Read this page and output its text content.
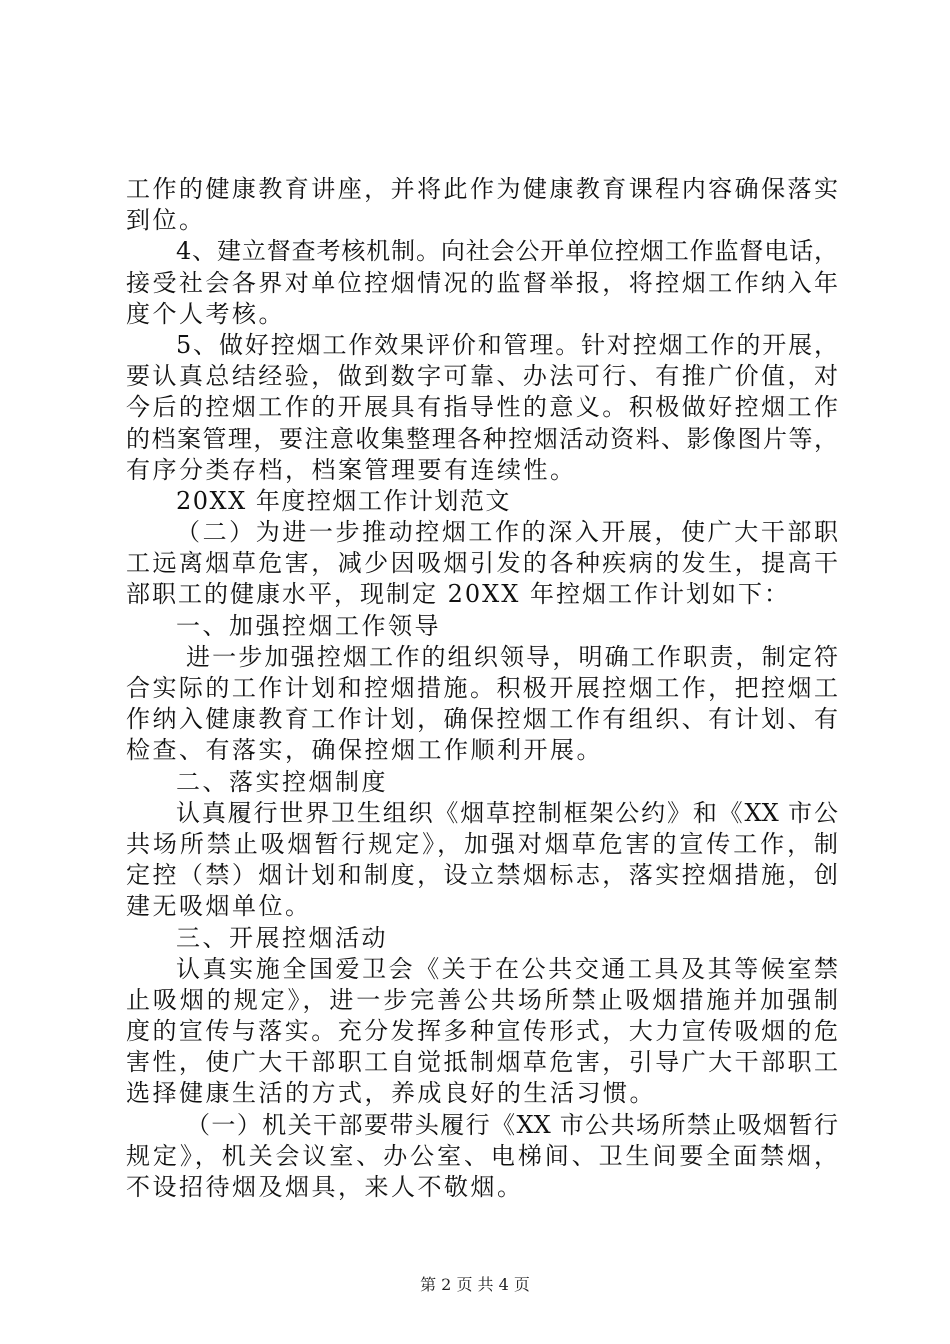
工作的健康教育讲座，并将此作为健康教育课程内容确保落实
到位。
4、建立督查考核机制。向社会公开单位控烟工作监督电话，
接受社会各界对单位控烟情况的监督举报，将控烟工作纳入年
度个人考核。
5、做好控烟工作效果评价和管理。针对控烟工作的开展，
要认真总结经验，做到数字可靠、办法可行、有推广价值，对
今后的控烟工作的开展具有指导性的意义。积极做好控烟工作
的档案管理，要注意收集整理各种控烟活动资料、影像图片等，
有序分类存档，档案管理要有连续性。
20XX 年度控烟工作计划范文
（二）为进一步推动控烟工作的深入开展，使广大干部职
工远离烟草危害，减少因吸烟引发的各种疾病的发生，提高干
部职工的健康水平，现制定 20XX 年控烟工作计划如下：
一、加强控烟工作领导
进一步加强控烟工作的组织领导，明确工作职责，制定符
合实际的工作计划和控烟措施。积极开展控烟工作，把控烟工
作纳入健康教育工作计划，确保控烟工作有组织、有计划、有
检查、有落实，确保控烟工作顺利开展。
二、落实控烟制度
认真履行世界卫生组织《烟草控制框架公约》和《XX 市公
共场所禁止吸烟暂行规定》，加强对烟草危害的宣传工作，制
定控（禁）烟计划和制度，设立禁烟标志，落实控烟措施，创
建无吸烟单位。
三、开展控烟活动
认真实施全国爱卫会《关于在公共交通工具及其等候室禁
止吸烟的规定》，进一步完善公共场所禁止吸烟措施并加强制
度的宣传与落实。充分发挥多种宣传形式，大力宣传吸烟的危
害性，使广大干部职工自觉抵制烟草危害，引导广大干部职工
选择健康生活的方式，养成良好的生活习惯。
（一）机关干部要带头履行《XX 市公共场所禁止吸烟暂行
规定》，机关会议室、办公室、电梯间、卫生间要全面禁烟，
不设招待烟及烟具，来人不敬烟。
第 2 页 共 4 页
